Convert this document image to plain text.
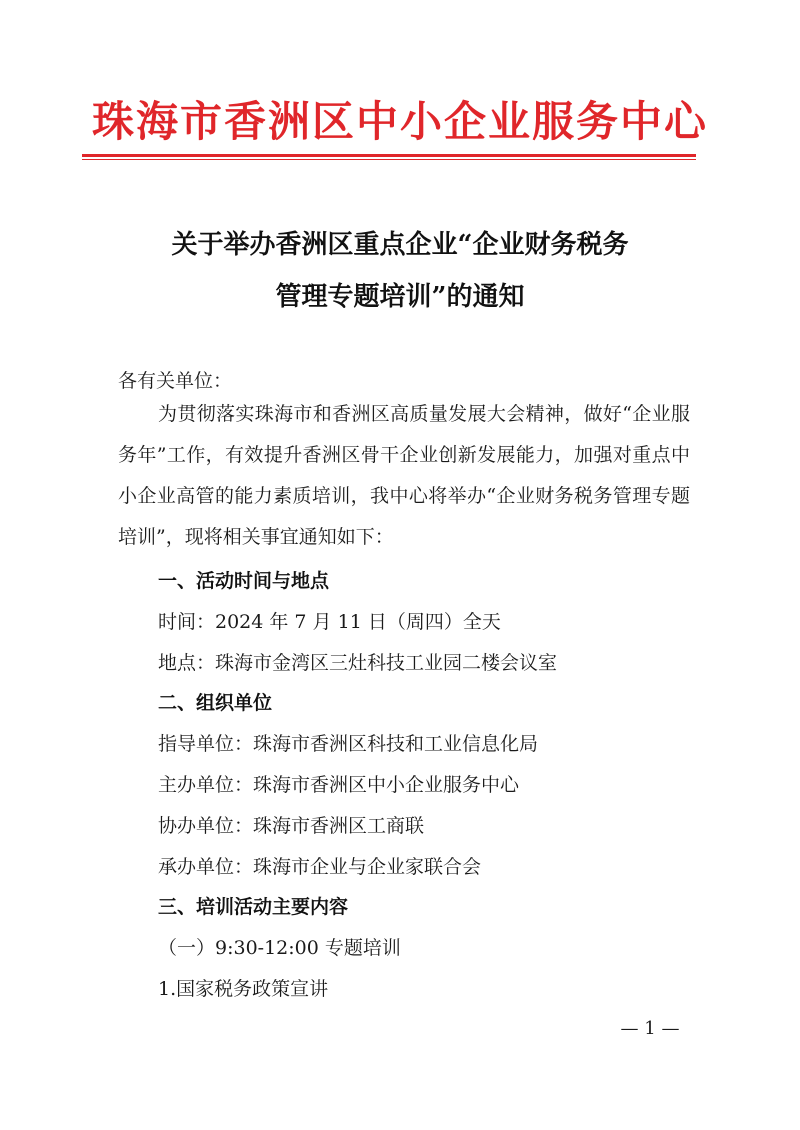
珠海市香洲区中小企业服务中心
关于举办香洲区重点企业“企业财务税务
管理专题培训”的通知
各有关单位：
为贯彻落实珠海市和香洲区高质量发展大会精神，做好“企业服务年”工作，有效提升香洲区骨干企业创新发展能力，加强对重点中小企业高管的能力素质培训，我中心将举办“企业财务税务管理专题培训”，现将相关事宜通知如下：
一、活动时间与地点
时间：2024 年 7 月 11 日（周四）全天
地点：珠海市金湾区三灶科技工业园二楼会议室
二、组织单位
指导单位：珠海市香洲区科技和工业信息化局
主办单位：珠海市香洲区中小企业服务中心
协办单位：珠海市香洲区工商联
承办单位：珠海市企业与企业家联合会
三、培训活动主要内容
（一）9:30-12:00 专题培训
1.国家税务政策宣讲
— 1 —
